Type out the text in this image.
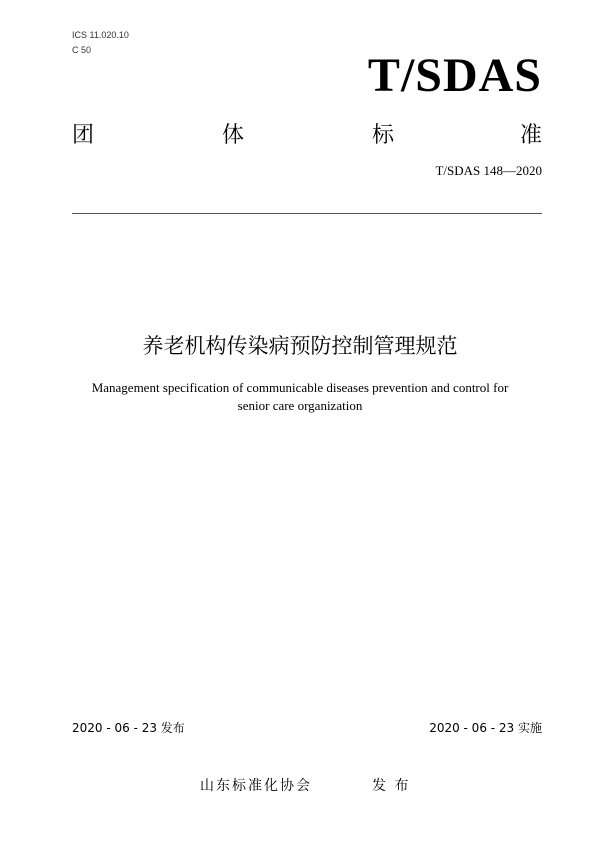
ICS 11.020.10
C 50	T/SDAS
团	体	标	准
T/SDAS 148—2020
养老机构传染病预防控制管理规范
Management specification of communicable diseases prevention and control for
senior care organization
2020 - 06 - 23 发布	2020 - 06 - 23 实施
山东标准化协会	发 布
